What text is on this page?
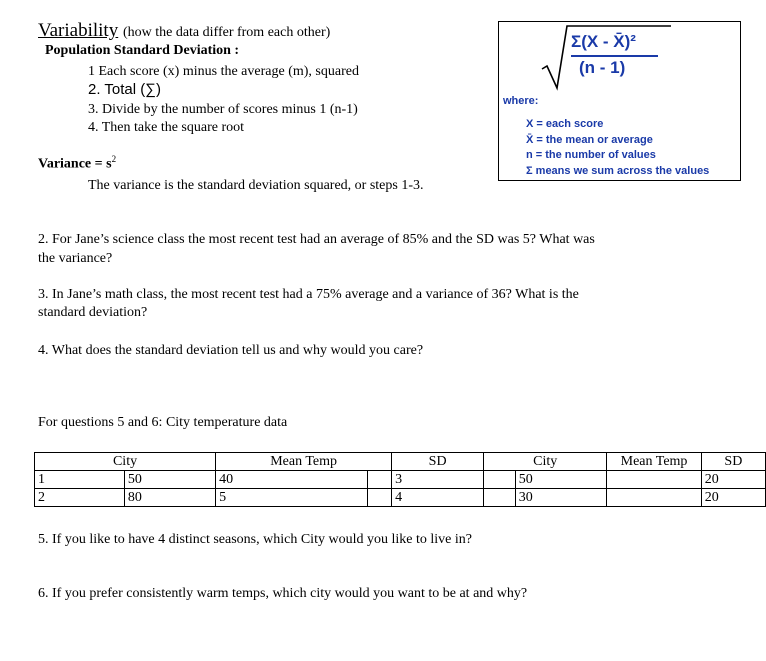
Variability (how the data differ from each other)
Population Standard Deviation :
1 Each score (x) minus the average (m), squared
2. Total (∑)
3. Divide by the number of scores minus 1 (n-1)
4. Then take the square root
Variance = $s^2$
The variance is the standard deviation squared, or steps 1-3.
Σ(X - X̄)²
(n - 1)
where:
X = each score
X̄ = the mean or average
n = the number of values
Σ means we sum across the values
2. For Jane’s science class the most recent test had an average of 85% and the SD was 5? What was
the variance?
3. In Jane’s math class, the most recent test had a 75% average and a variance of 36? What is the
standard deviation?
4. What does the standard deviation tell us and why would you care?
For questions 5 and 6: City temperature data
City		Mean Temp		SD	City		Mean Temp	SD
1	50	40		3		50		20
2	80	5		4		30		20
5. If you like to have 4 distinct seasons, which City would you like to live in?
6. If you prefer consistently warm temps, which city would you want to be at and why?
